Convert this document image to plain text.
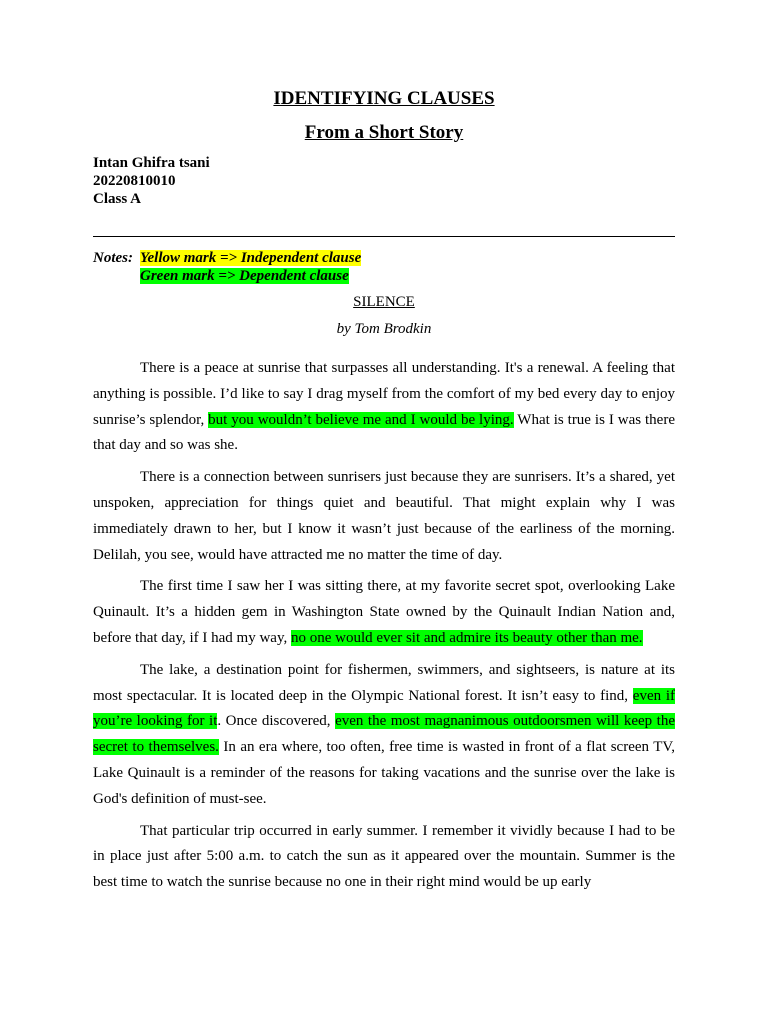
IDENTIFYING CLAUSES
From a Short Story
Intan Ghifra tsani
20220810010
Class A
Notes: Yellow mark => Independent clause
Green mark => Dependent clause
SILENCE
by Tom Brodkin

There is a peace at sunrise that surpasses all understanding. It's a renewal. A feeling that anything is possible. I’d like to say I drag myself from the comfort of my bed every day to enjoy sunrise’s splendor, but you wouldn’t believe me and I would be lying. What is true is I was there that day and so was she.

There is a connection between sunrisers just because they are sunrisers. It’s a shared, yet unspoken, appreciation for things quiet and beautiful. That might explain why I was immediately drawn to her, but I know it wasn’t just because of the earliness of the morning. Delilah, you see, would have attracted me no matter the time of day.

The first time I saw her I was sitting there, at my favorite secret spot, overlooking Lake Quinault. It’s a hidden gem in Washington State owned by the Quinault Indian Nation and, before that day, if I had my way, no one would ever sit and admire its beauty other than me.

The lake, a destination point for fishermen, swimmers, and sightseers, is nature at its most spectacular. It is located deep in the Olympic National forest. It isn’t easy to find, even if you’re looking for it. Once discovered, even the most magnanimous outdoorsmen will keep the secret to themselves. In an era where, too often, free time is wasted in front of a flat screen TV, Lake Quinault is a reminder of the reasons for taking vacations and the sunrise over the lake is God's definition of must-see.

That particular trip occurred in early summer. I remember it vividly because I had to be in place just after 5:00 a.m. to catch the sun as it appeared over the mountain. Summer is the best time to watch the sunrise because no one in their right mind would be up early
